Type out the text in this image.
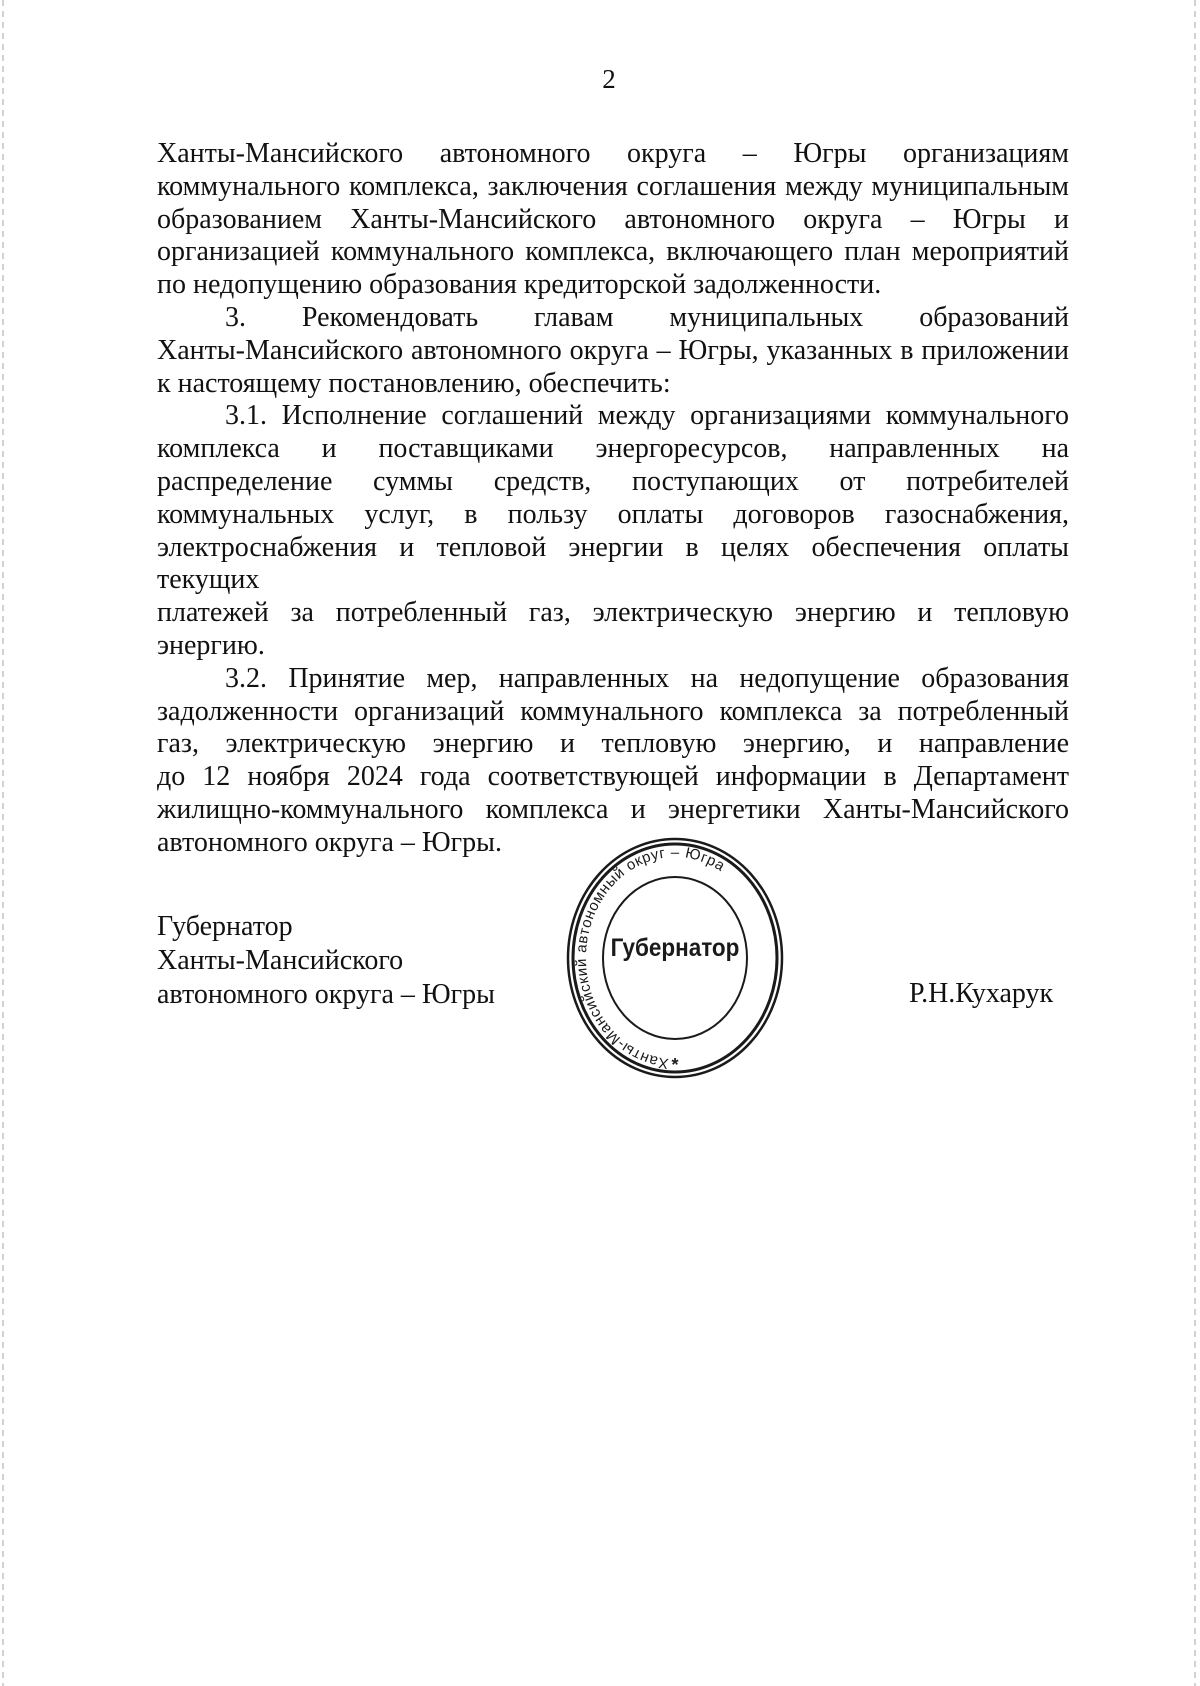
2

Ханты-Мансийского автономного округа – Югры организациям
коммунального комплекса, заключения соглашения между муниципальным
образованием Ханты-Мансийского автономного округа – Югры и
организацией коммунального комплекса, включающего план мероприятий
по недопущению образования кредиторской задолженности.

3. Рекомендовать главам муниципальных образований
Ханты-Мансийского автономного округа – Югры, указанных в приложении
к настоящему постановлению, обеспечить:

3.1. Исполнение соглашений между организациями коммунального
комплекса и поставщиками энергоресурсов, направленных на
распределение суммы средств, поступающих от потребителей
коммунальных услуг, в пользу оплаты договоров газоснабжения,
электроснабжения и тепловой энергии в целях обеспечения оплаты текущих
платежей за потребленный газ, электрическую энергию и тепловую
энергию.

3.2. Принятие мер, направленных на недопущение образования
задолженности организаций коммунального комплекса за потребленный
газ, электрическую энергию и тепловую энергию, и направление
до 12 ноября 2024 года соответствующей информации в Департамент
жилищно-коммунального комплекса и энергетики Ханты-Мансийского
автономного округа – Югры.

Губернатор
Ханты-Мансийского
автономного округа – Югры
Ханты-Мансийский автономный округ – Югра
Губернатор
*
Р.Н.Кухарук
